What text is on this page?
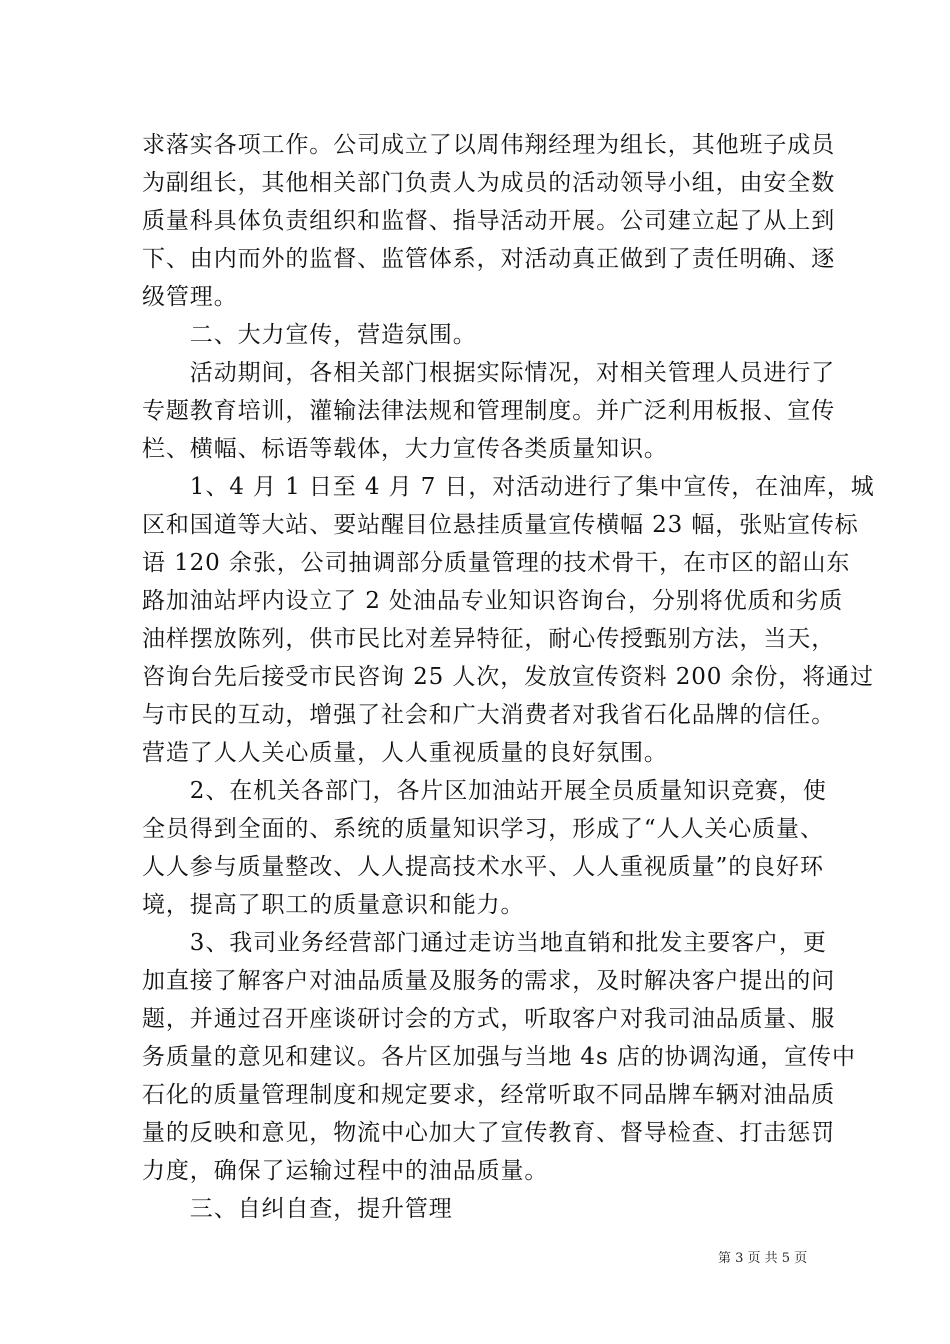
求落实各项工作。公司成立了以周伟翔经理为组长，其他班子成员
为副组长，其他相关部门负责人为成员的活动领导小组，由安全数
质量科具体负责组织和监督、指导活动开展。公司建立起了从上到
下、由内而外的监督、监管体系，对活动真正做到了责任明确、逐
级管理。
　　二、大力宣传，营造氛围。
　　活动期间，各相关部门根据实际情况，对相关管理人员进行了
专题教育培训，灌输法律法规和管理制度。并广泛利用板报、宣传
栏、横幅、标语等载体，大力宣传各类质量知识。
　　1、4 月 1 日至 4 月 7 日，对活动进行了集中宣传，在油库，城
区和国道等大站、要站醒目位悬挂质量宣传横幅 23 幅，张贴宣传标
语 120 余张，公司抽调部分质量管理的技术骨干，在市区的韶山东
路加油站坪内设立了 2 处油品专业知识咨询台，分别将优质和劣质
油样摆放陈列，供市民比对差异特征，耐心传授甄别方法，当天，
咨询台先后接受市民咨询 25 人次，发放宣传资料 200 余份，将通过
与市民的互动，增强了社会和广大消费者对我省石化品牌的信任。
营造了人人关心质量，人人重视质量的良好氛围。
　　2、在机关各部门，各片区加油站开展全员质量知识竞赛，使
全员得到全面的、系统的质量知识学习，形成了“人人关心质量、
人人参与质量整改、人人提高技术水平、人人重视质量”的良好环
境，提高了职工的质量意识和能力。
　　3、我司业务经营部门通过走访当地直销和批发主要客户，更
加直接了解客户对油品质量及服务的需求，及时解决客户提出的问
题，并通过召开座谈研讨会的方式，听取客户对我司油品质量、服
务质量的意见和建议。各片区加强与当地 4s 店的协调沟通，宣传中
石化的质量管理制度和规定要求，经常听取不同品牌车辆对油品质
量的反映和意见，物流中心加大了宣传教育、督导检查、打击惩罚
力度，确保了运输过程中的油品质量。
　　三、自纠自查，提升管理
第 3 页 共 5 页
